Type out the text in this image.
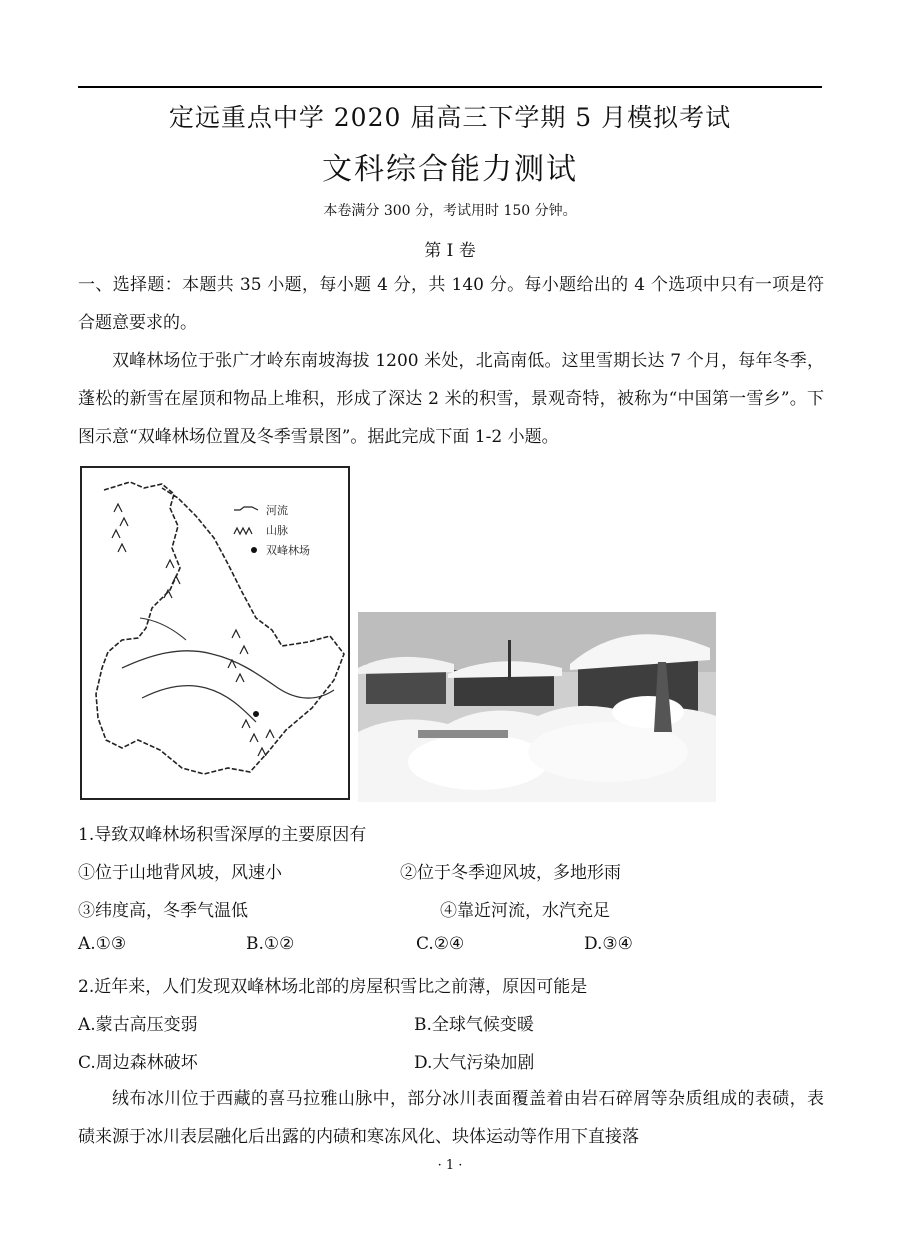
定远重点中学 2020 届高三下学期 5 月模拟考试
文科综合能力测试
本卷满分 300 分，考试用时 150 分钟。
第 I 卷
一、选择题：本题共 35 小题，每小题 4 分，共 140 分。每小题给出的 4 个选项中只有一项是符合题意要求的。
双峰林场位于张广才岭东南坡海拔 1200 米处，北高南低。这里雪期长达 7 个月，每年冬季，蓬松的新雪在屋顶和物品上堆积，形成了深达 2 米的积雪，景观奇特，被称为“中国第一雪乡”。下图示意“双峰林场位置及冬季雪景图”。据此完成下面 1-2 小题。
河流
山脉
双峰林场
1.导致双峰林场积雪深厚的主要原因有
①位于山地背风坡，风速小	②位于冬季迎风坡，多地形雨
③纬度高，冬季气温低	④靠近河流，水汽充足
A.①③	B.①②	C.②④	D.③④
2.近年来，人们发现双峰林场北部的房屋积雪比之前薄，原因可能是
A.蒙古高压变弱	B.全球气候变暖
C.周边森林破坏	D.大气污染加剧
绒布冰川位于西藏的喜马拉雅山脉中，部分冰川表面覆盖着由岩石碎屑等杂质组成的表碛，表碛来源于冰川表层融化后出露的内碛和寒冻风化、块体运动等作用下直接落
· 1 ·
